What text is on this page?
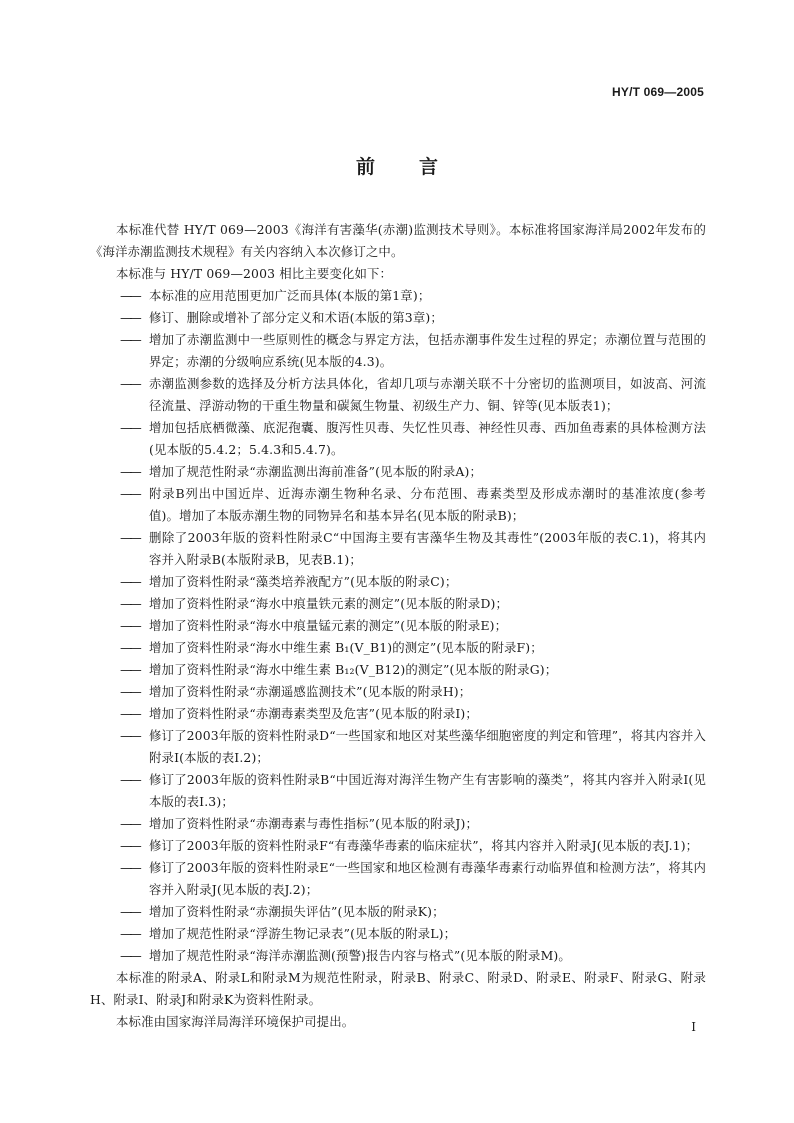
HY/T 069—2005
前言

本标准代替 HY/T 069—2003《海洋有害藻华(赤潮)监测技术导则》。本标准将国家海洋局2002年发布的《海洋赤潮监测技术规程》有关内容纳入本次修订之中。

本标准与 HY/T 069—2003 相比主要变化如下：

—— 本标准的应用范围更加广泛而具体(本版的第1章)；

—— 修订、删除或增补了部分定义和术语(本版的第3章)；

—— 增加了赤潮监测中一些原则性的概念与界定方法，包括赤潮事件发生过程的界定；赤潮位置与范围的界定；赤潮的分级响应系统(见本版的4.3)。

—— 赤潮监测参数的选择及分析方法具体化，省却几项与赤潮关联不十分密切的监测项目，如波高、河流径流量、浮游动物的干重生物量和碳氮生物量、初级生产力、铜、锌等(见本版表1)；

—— 增加包括底栖微藻、底泥孢囊、腹泻性贝毒、失忆性贝毒、神经性贝毒、西加鱼毒素的具体检测方法(见本版的5.4.2；5.4.3和5.4.7)。

—— 增加了规范性附录“赤潮监测出海前准备”(见本版的附录A)；

—— 附录B列出中国近岸、近海赤潮生物种名录、分布范围、毒素类型及形成赤潮时的基准浓度(参考值)。增加了本版赤潮生物的同物异名和基本异名(见本版的附录B)；

—— 删除了2003年版的资料性附录C“中国海主要有害藻华生物及其毒性”(2003年版的表C.1)，将其内容并入附录B(本版附录B，见表B.1)；

—— 增加了资料性附录“藻类培养液配方”(见本版的附录C)；

—— 增加了资料性附录“海水中痕量铁元素的测定”(见本版的附录D)；

—— 增加了资料性附录“海水中痕量锰元素的测定”(见本版的附录E)；

—— 增加了资料性附录“海水中维生素 B₁(V_B1)的测定”(见本版的附录F)；

—— 增加了资料性附录“海水中维生素 B₁₂(V_B12)的测定”(见本版的附录G)；

—— 增加了资料性附录“赤潮遥感监测技术”(见本版的附录H)；

—— 增加了资料性附录“赤潮毒素类型及危害”(见本版的附录I)；

—— 修订了2003年版的资料性附录D“一些国家和地区对某些藻华细胞密度的判定和管理”，将其内容并入附录I(本版的表I.2)；

—— 修订了2003年版的资料性附录B“中国近海对海洋生物产生有害影响的藻类”，将其内容并入附录I(见本版的表I.3)；

—— 增加了资料性附录“赤潮毒素与毒性指标”(见本版的附录J)；

—— 修订了2003年版的资料性附录F“有毒藻华毒素的临床症状”，将其内容并入附录J(见本版的表J.1)；

—— 修订了2003年版的资料性附录E“一些国家和地区检测有毒藻华毒素行动临界值和检测方法”，将其内容并入附录J(见本版的表J.2)；

—— 增加了资料性附录“赤潮损失评估”(见本版的附录K)；

—— 增加了规范性附录“浮游生物记录表”(见本版的附录L)；

—— 增加了规范性附录“海洋赤潮监测(预警)报告内容与格式”(见本版的附录M)。

本标准的附录A、附录L和附录M为规范性附录，附录B、附录C、附录D、附录E、附录F、附录G、附录H、附录I、附录J和附录K为资料性附录。

本标准由国家海洋局海洋环境保护司提出。	I
